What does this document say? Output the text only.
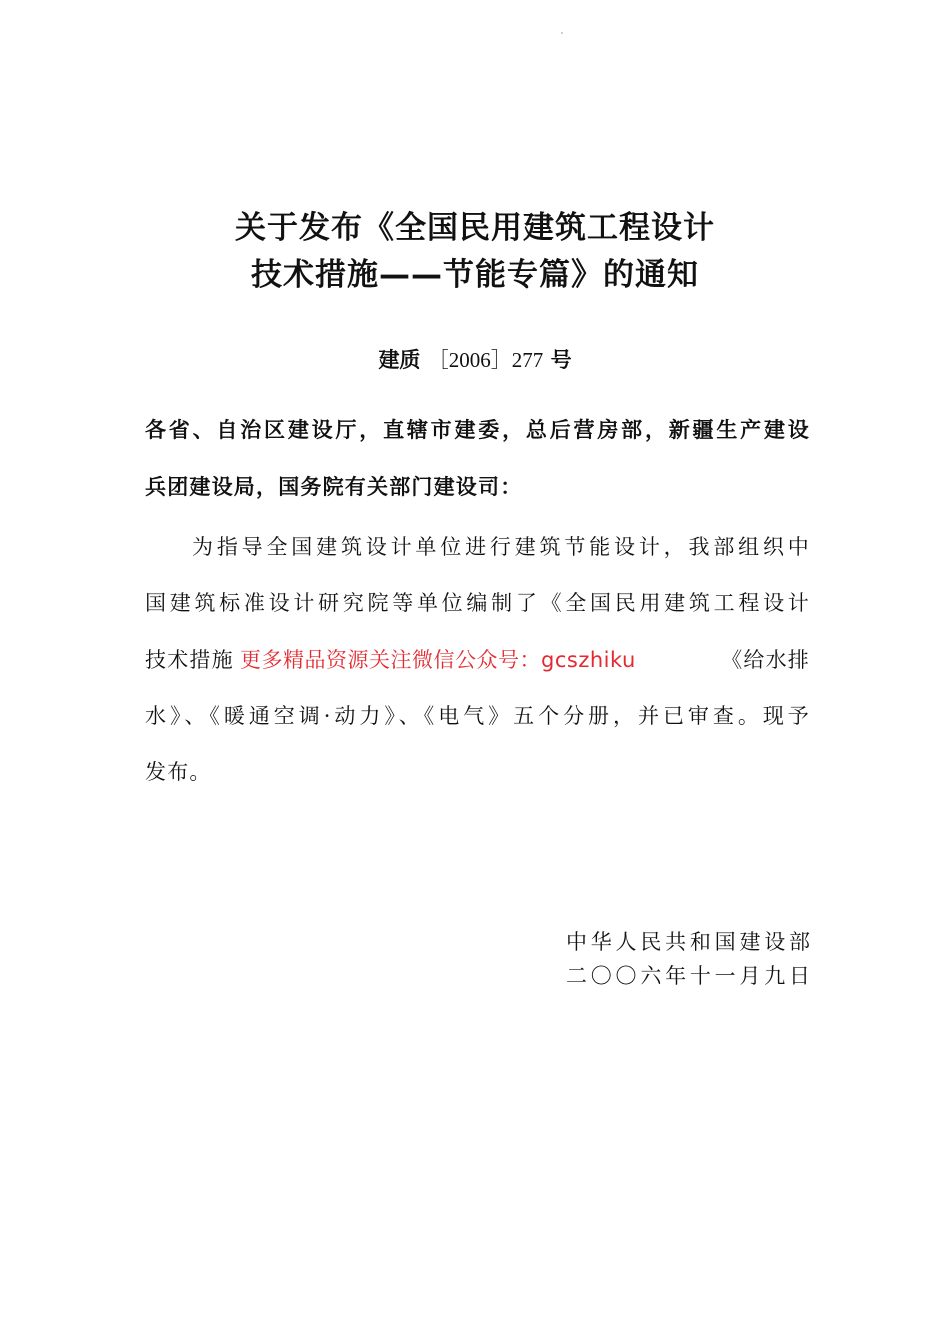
关于发布《全国民用建筑工程设计
技术措施——节能专篇》的通知
建质 ［2006］277 号
各省、自治区建设厅，直辖市建委，总后营房部，新疆生产建设
兵团建设局，国务院有关部门建设司：
为指导全国建筑设计单位进行建筑节能设计，我部组织中
国建筑标准设计研究院等单位编制了《全国民用建筑工程设计
技术措施	《给水排
水》、《暖通空调·动力》、《电气》五个分册，并已审查。现予
发布。
更多精品资源关注微信公众号：gcszhiku
中华人民共和国建设部
二〇〇六年十一月九日
